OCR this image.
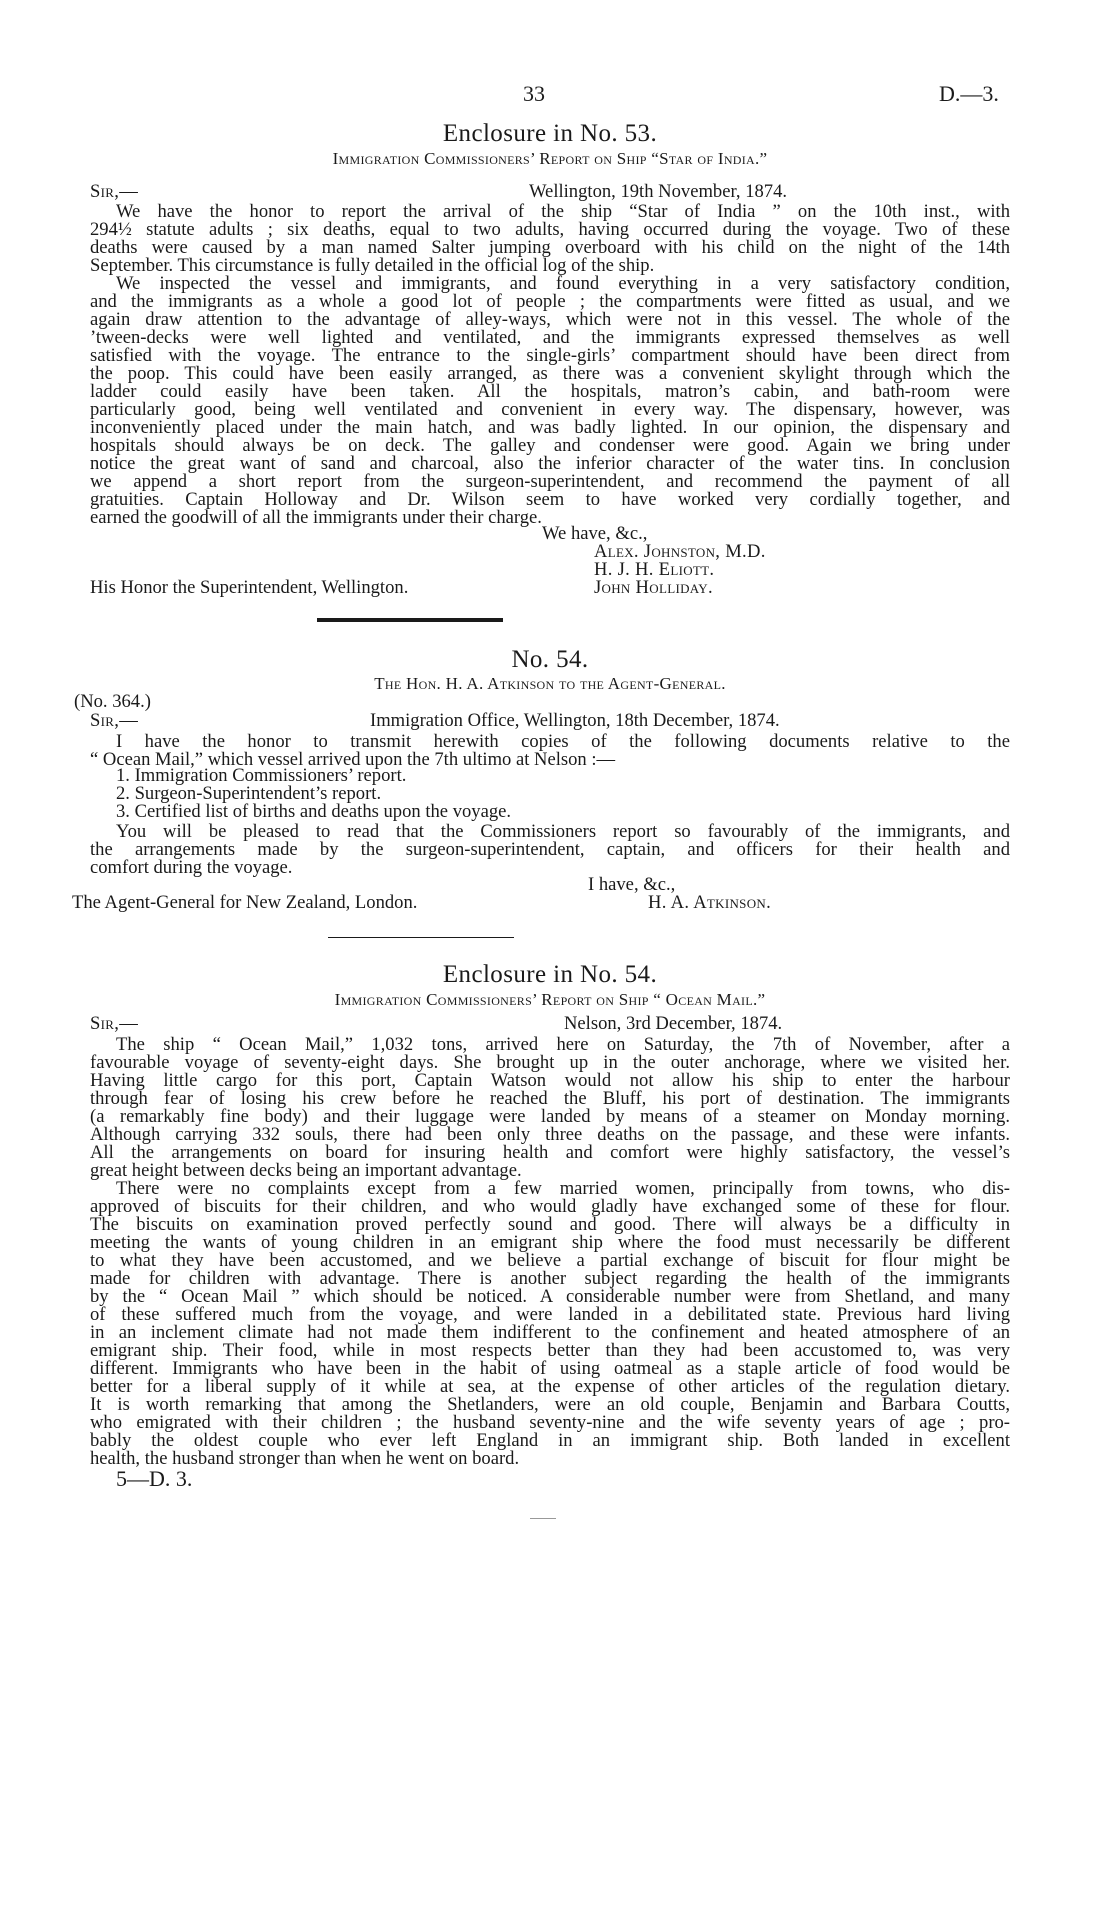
33	D.—3.
Enclosure in No. 53.
Immigration Commissioners’ Report on Ship “Star of India.”
Sir,—	Wellington, 19th November, 1874.
We have the honor to report the arrival of the ship “Star of India ” on the 10th inst., with
294½ statute adults ; six deaths, equal to two adults, having occurred during the voyage. Two of these
deaths were caused by a man named Salter jumping overboard with his child on the night of the 14th
September. This circumstance is fully detailed in the official log of the ship.
We inspected the vessel and immigrants, and found everything in a very satisfactory condition,
and the immigrants as a whole a good lot of people ; the compartments were fitted as usual, and we
again draw attention to the advantage of alley-ways, which were not in this vessel. The whole of the
’tween-decks were well lighted and ventilated, and the immigrants expressed themselves as well
satisfied with the voyage. The entrance to the single-girls’ compartment should have been direct from
the poop. This could have been easily arranged, as there was a convenient skylight through which the
ladder could easily have been taken. All the hospitals, matron’s cabin, and bath-room were
particularly good, being well ventilated and convenient in every way. The dispensary, however, was
inconveniently placed under the main hatch, and was badly lighted. In our opinion, the dispensary and
hospitals should always be on deck. The galley and condenser were good. Again we bring under
notice the great want of sand and charcoal, also the inferior character of the water tins. In conclusion
we append a short report from the surgeon-superintendent, and recommend the payment of all
gratuities. Captain Holloway and Dr. Wilson seem to have worked very cordially together, and
earned the goodwill of all the immigrants under their charge.
We have, &c.,
Alex. Johnston, M.D.
H. J. H. Eliott.
His Honor the Superintendent, Wellington.	John Holliday.
No. 54.
The Hon. H. A. Atkinson to the Agent-General.
(No. 364.)
Sir,—	Immigration Office, Wellington, 18th December, 1874.
I have the honor to transmit herewith copies of the following documents relative to the
“ Ocean Mail,” which vessel arrived upon the 7th ultimo at Nelson :—
1. Immigration Commissioners’ report.
2. Surgeon-Superintendent’s report.
3. Certified list of births and deaths upon the voyage.
You will be pleased to read that the Commissioners report so favourably of the immigrants, and
the arrangements made by the surgeon-superintendent, captain, and officers for their health and
comfort during the voyage.
I have, &c.,
The Agent-General for New Zealand, London.	H. A. Atkinson.
Enclosure in No. 54.
Immigration Commissioners’ Report on Ship “ Ocean Mail.”
Sir,—	Nelson, 3rd December, 1874.
The ship “ Ocean Mail,” 1,032 tons, arrived here on Saturday, the 7th of November, after a
favourable voyage of seventy-eight days. She brought up in the outer anchorage, where we visited her.
Having little cargo for this port, Captain Watson would not allow his ship to enter the harbour
through fear of losing his crew before he reached the Bluff, his port of destination. The immigrants
(a remarkably fine body) and their luggage were landed by means of a steamer on Monday morning.
Although carrying 332 souls, there had been only three deaths on the passage, and these were infants.
All the arrangements on board for insuring health and comfort were highly satisfactory, the vessel’s
great height between decks being an important advantage.
There were no complaints except from a few married women, principally from towns, who dis-
approved of biscuits for their children, and who would gladly have exchanged some of these for flour.
The biscuits on examination proved perfectly sound and good. There will always be a difficulty in
meeting the wants of young children in an emigrant ship where the food must necessarily be different
to what they have been accustomed, and we believe a partial exchange of biscuit for flour might be
made for children with advantage. There is another subject regarding the health of the immigrants
by the “ Ocean Mail ” which should be noticed. A considerable number were from Shetland, and many
of these suffered much from the voyage, and were landed in a debilitated state. Previous hard living
in an inclement climate had not made them indifferent to the confinement and heated atmosphere of an
emigrant ship. Their food, while in most respects better than they had been accustomed to, was very
different. Immigrants who have been in the habit of using oatmeal as a staple article of food would be
better for a liberal supply of it while at sea, at the expense of other articles of the regulation dietary.
It is worth remarking that among the Shetlanders, were an old couple, Benjamin and Barbara Coutts,
who emigrated with their children ; the husband seventy-nine and the wife seventy years of age ; pro-
bably the oldest couple who ever left England in an immigrant ship. Both landed in excellent
health, the husband stronger than when he went on board.
5—D. 3.
